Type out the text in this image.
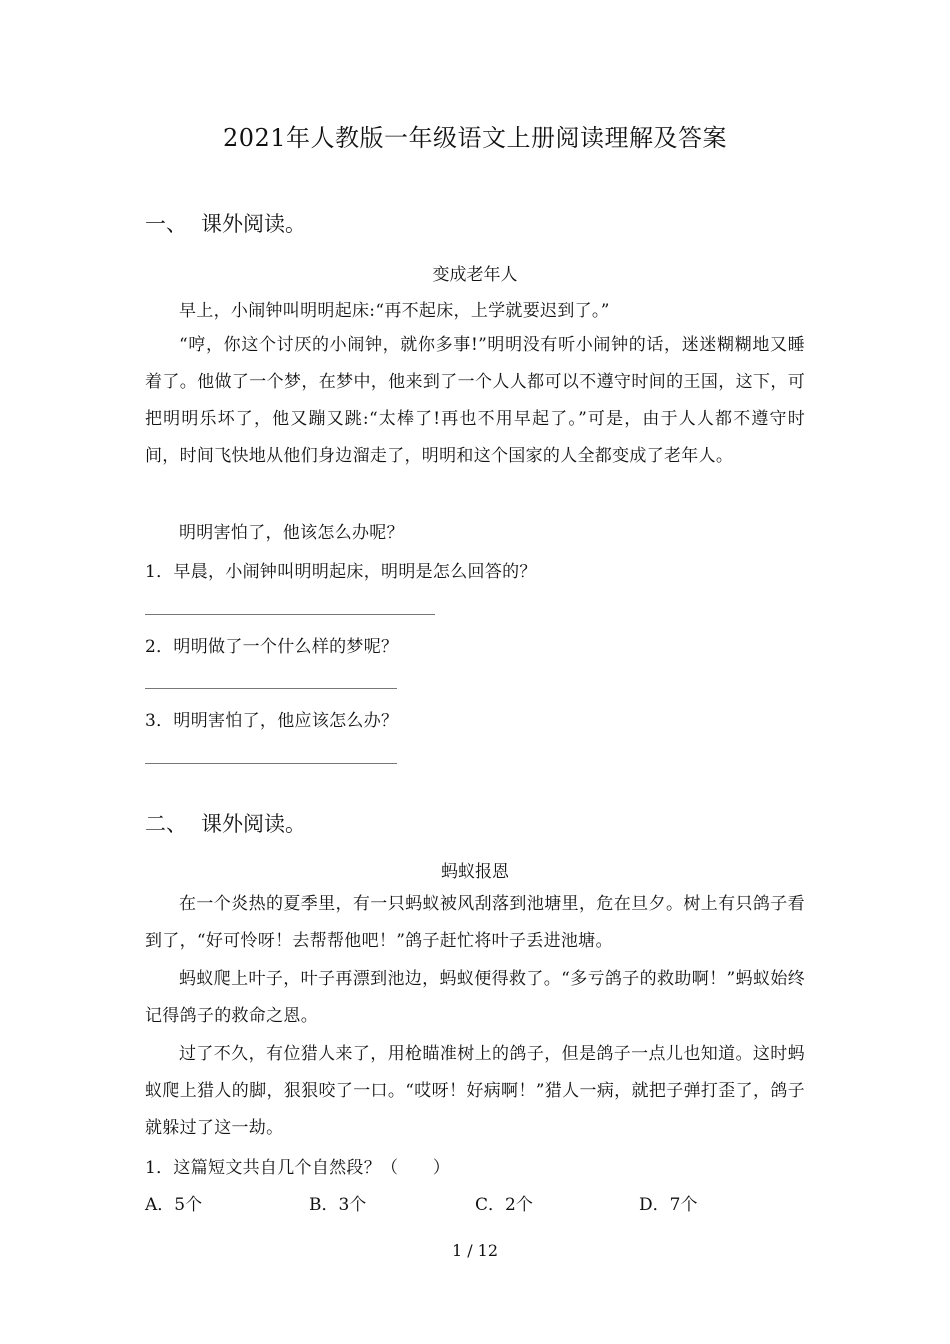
2021年人教版一年级语文上册阅读理解及答案
一、 课外阅读。
变成老年人
早上，小闹钟叫明明起床:“再不起床，上学就要迟到了。”
“哼，你这个讨厌的小闹钟，就你多事!”明明没有听小闹钟的话，迷迷糊糊地又睡着了。他做了一个梦，在梦中，他来到了一个人人都可以不遵守时间的王国，这下，可把明明乐坏了，他又蹦又跳:“太棒了!再也不用早起了。”可是，由于人人都不遵守时间，时间飞快地从他们身边溜走了，明明和这个国家的人全都变成了老年人。
明明害怕了，他该怎么办呢？
1．早晨，小闹钟叫明明起床，明明是怎么回答的？
2．明明做了一个什么样的梦呢？
3．明明害怕了，他应该怎么办？
二、 课外阅读。
蚂蚁报恩
在一个炎热的夏季里，有一只蚂蚁被风刮落到池塘里，危在旦夕。树上有只鸽子看到了，“好可怜呀！去帮帮他吧！”鸽子赶忙将叶子丢进池塘。
蚂蚁爬上叶子，叶子再漂到池边，蚂蚁便得救了。“多亏鸽子的救助啊！”蚂蚁始终记得鸽子的救命之恩。
过了不久，有位猎人来了，用枪瞄准树上的鸽子，但是鸽子一点儿也知道。这时蚂蚁爬上猎人的脚，狠狠咬了一口。“哎呀！好病啊！”猎人一病，就把子弹打歪了，鸽子就躲过了这一劫。
1．这篇短文共自几个自然段？（　　）
A．5个	B．3个	C．2个	D．7个
1 / 12
